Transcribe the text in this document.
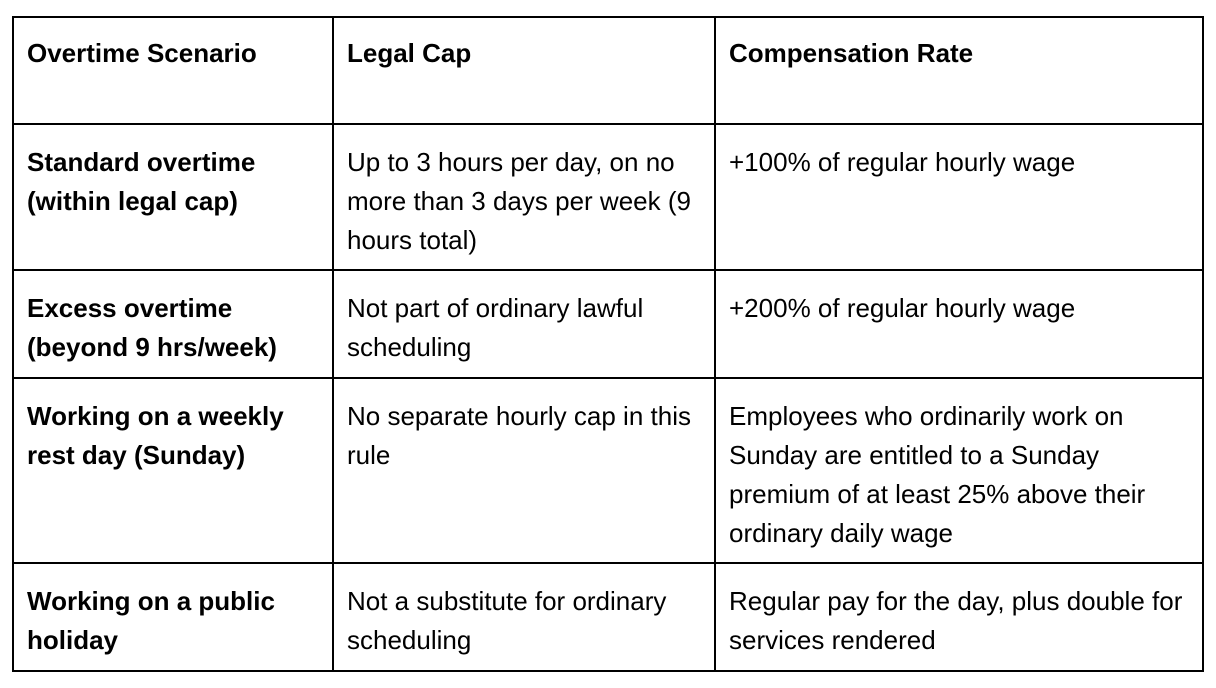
Overtime Scenario	Legal Cap	Compensation Rate
Standard overtime (within legal cap)	Up to 3 hours per day, on no more than 3 days per week (9 hours total)	+100% of regular hourly wage
Excess overtime (beyond 9 hrs/week)	Not part of ordinary lawful scheduling	+200% of regular hourly wage
Working on a weekly rest day (Sunday)	No separate hourly cap in this rule	Employees who ordinarily work on Sunday are entitled to a Sunday premium of at least 25% above their ordinary daily wage
Working on a public holiday	Not a substitute for ordinary scheduling	Regular pay for the day, plus double for services rendered
